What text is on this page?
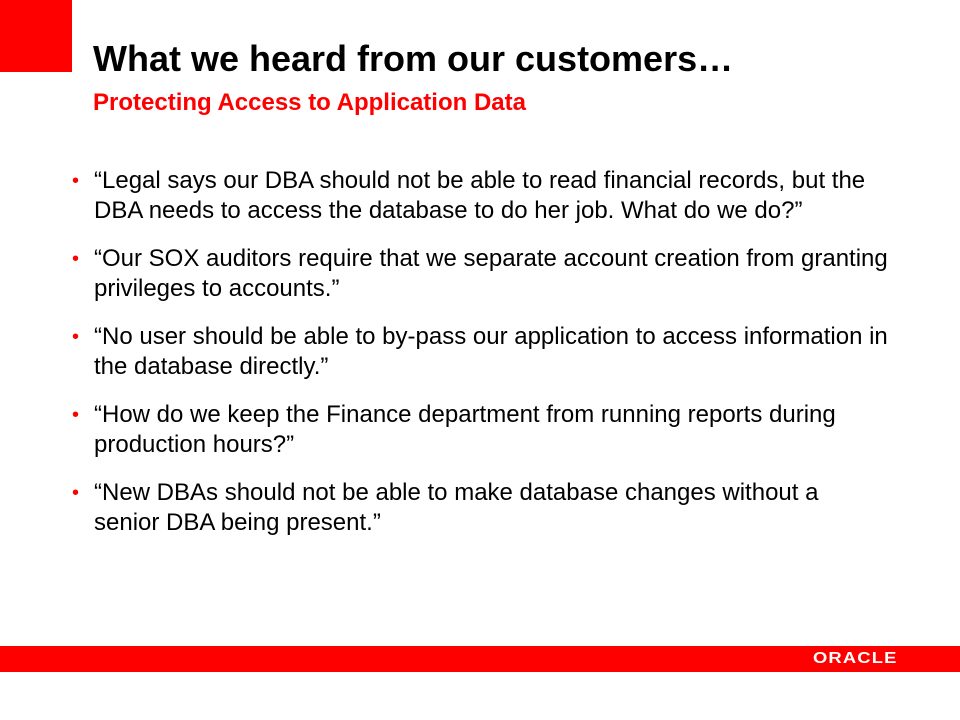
What we heard from our customers…
Protecting Access to Application Data
• “Legal says our DBA should not be able to read financial records, but the DBA needs to access the database to do her job. What do we do?”
• “Our SOX auditors require that we separate account creation from granting privileges to accounts.”
• “No user should be able to by-pass our application to access information in the database directly.”
• “How do we keep the Finance department from running reports during production hours?”
• “New DBAs should not be able to make database changes without a senior DBA being present.”
ORACLE
